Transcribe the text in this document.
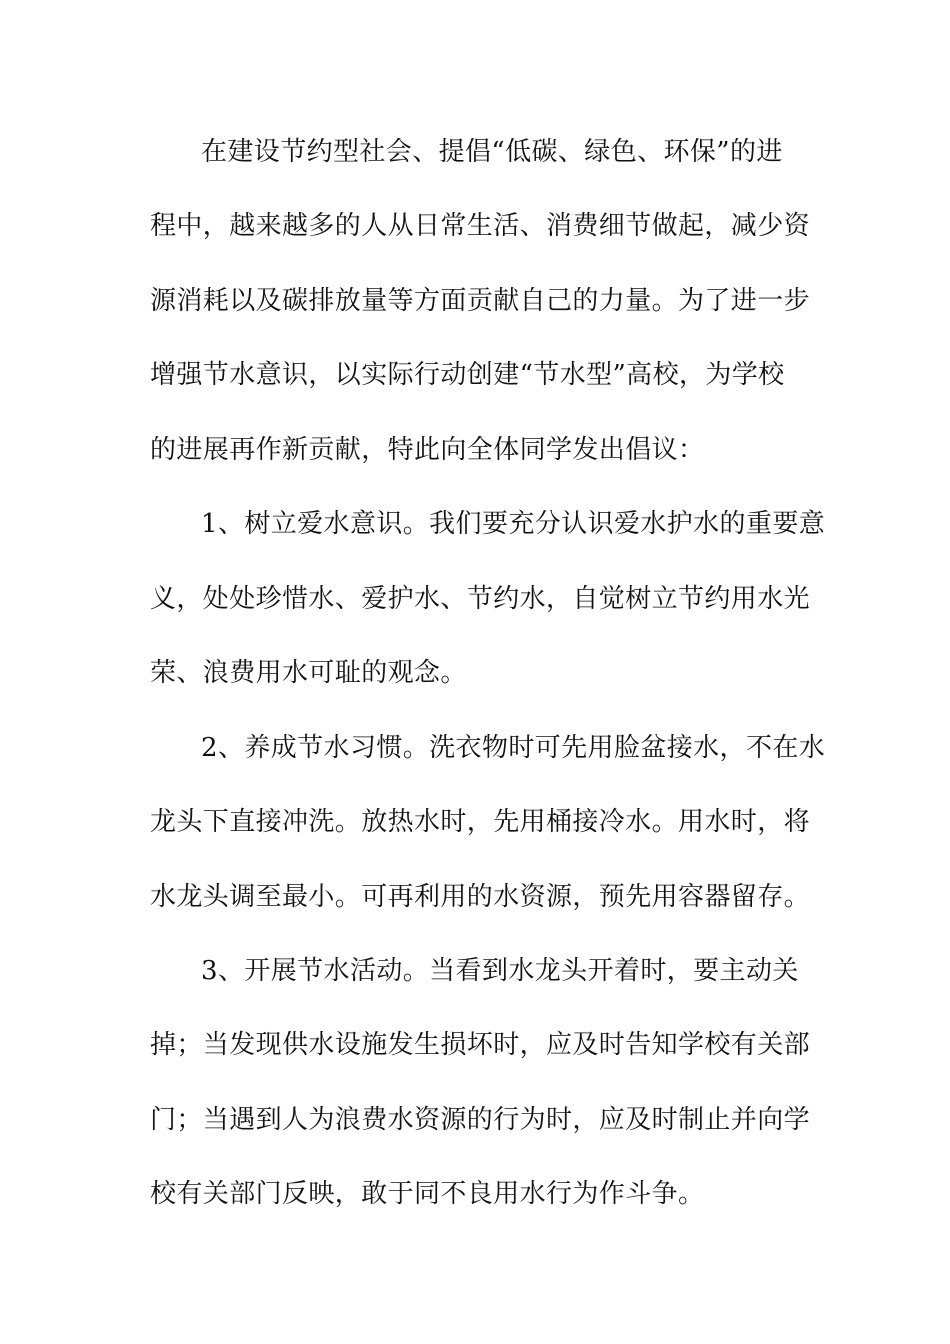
在建设节约型社会、提倡“低碳、绿色、环保”的进
程中，越来越多的人从日常生活、消费细节做起，减少资
源消耗以及碳排放量等方面贡献自己的力量。为了进一步
增强节水意识，以实际行动创建“节水型”高校，为学校
的进展再作新贡献，特此向全体同学发出倡议：
1、树立爱水意识。我们要充分认识爱水护水的重要意
义，处处珍惜水、爱护水、节约水，自觉树立节约用水光
荣、浪费用水可耻的观念。
2、养成节水习惯。洗衣物时可先用脸盆接水，不在水
龙头下直接冲洗。放热水时，先用桶接冷水。用水时，将
水龙头调至最小。可再利用的水资源，预先用容器留存。
3、开展节水活动。当看到水龙头开着时，要主动关
掉；当发现供水设施发生损坏时，应及时告知学校有关部
门；当遇到人为浪费水资源的行为时，应及时制止并向学
校有关部门反映，敢于同不良用水行为作斗争。
